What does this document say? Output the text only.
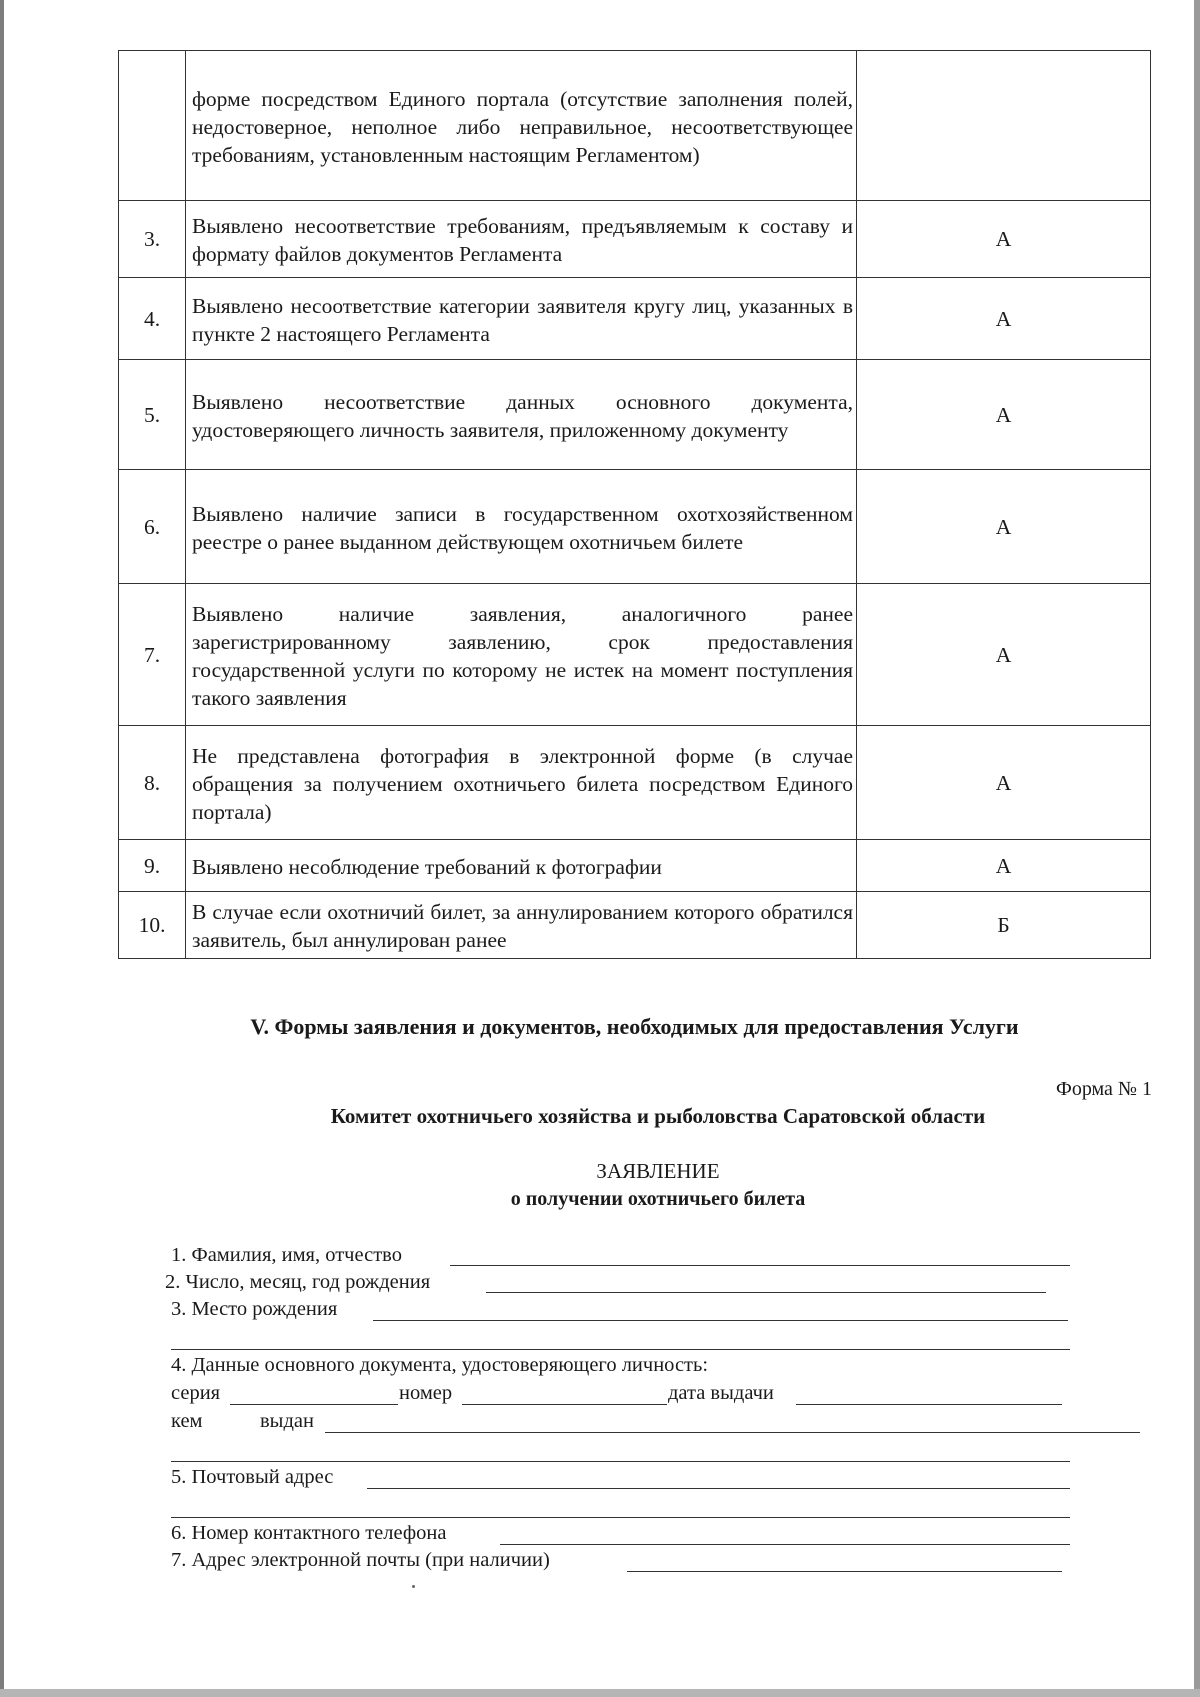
	форме посредством Единого портала (отсутствие заполнения полей, недостоверное, неполное либо неправильное, несоответствующее требованиям, установленным настоящим Регламентом)	
3.	Выявлено несоответствие требованиям, предъявляемым к составу и формату файлов документов Регламента	А
4.	Выявлено несоответствие категории заявителя кругу лиц, указанных в пункте 2 настоящего Регламента	А
5.	Выявлено несоответствие данных основного документа, удостоверяющего личность заявителя, приложенному документу	А
6.	Выявлено наличие записи в государственном охотхозяйственном реестре о ранее выданном действующем охотничьем билете	А
7.	Выявлено наличие заявления, аналогичного ранее зарегистрированному заявлению, срок предоставления государственной услуги по которому не истек на момент поступления такого заявления	А
8.	Не представлена фотография в электронной форме (в случае обращения за получением охотничьего билета посредством Единого портала)	А
9.	Выявлено несоблюдение требований к фотографии	А
10.	В случае если охотничий билет, за аннулированием которого обратился заявитель, был аннулирован ранее	Б
V. Формы заявления и документов, необходимых для предоставления Услуги
Форма № 1
Комитет охотничьего хозяйства и рыболовства Саратовской области
ЗАЯВЛЕНИЕ
о получении охотничьего билета
1. Фамилия, имя, отчество
2. Число, месяц, год рождения
3. Место рождения
4. Данные основного документа, удостоверяющего личность:
серия	номер	дата выдачи
кем	выдан
5. Почтовый адрес
6. Номер контактного телефона
7. Адрес электронной почты (при наличии)
